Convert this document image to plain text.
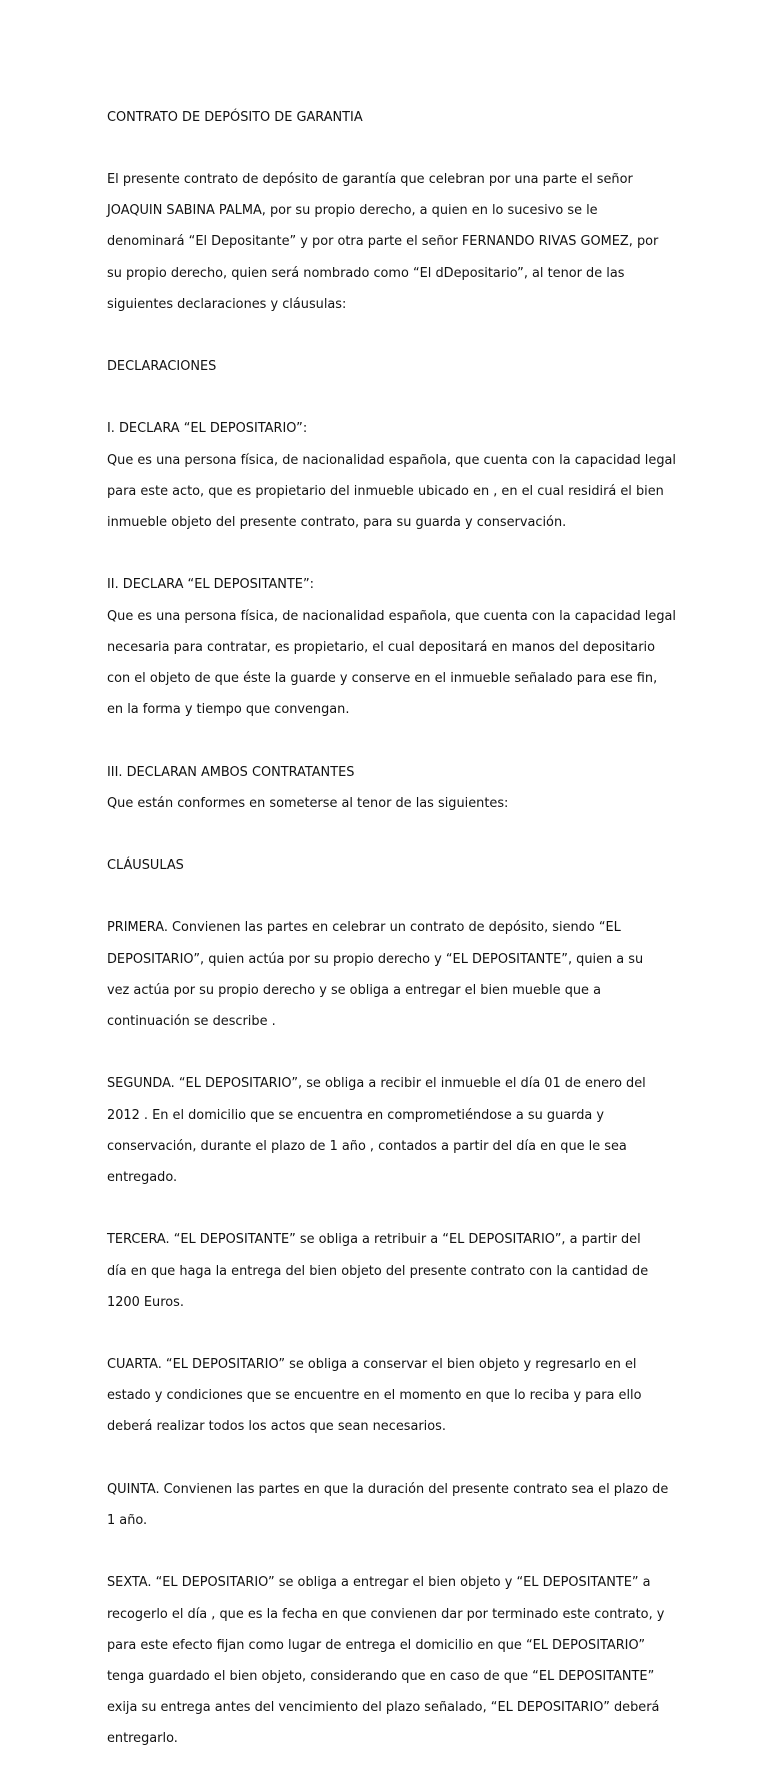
CONTRATO DE DEPÓSITO DE GARANTIA

El presente contrato de depósito de garantía que celebran por una parte el señor

JOAQUIN SABINA PALMA, por su propio derecho, a quien en lo sucesivo se le

denominará “El Depositante” y por otra parte el señor FERNANDO RIVAS GOMEZ, por

su propio derecho, quien será nombrado como “El dDepositario”, al tenor de las

siguientes declaraciones y cláusulas:

DECLARACIONES

I. DECLARA “EL DEPOSITARIO”:

Que es una persona física, de nacionalidad española, que cuenta con la capacidad legal

para este acto, que es propietario del inmueble ubicado en , en el cual residirá el bien

inmueble objeto del presente contrato, para su guarda y conservación.

II. DECLARA “EL DEPOSITANTE”:

Que es una persona física, de nacionalidad española, que cuenta con la capacidad legal

necesaria para contratar, es propietario, el cual depositará en manos del depositario

con el objeto de que éste la guarde y conserve en el inmueble señalado para ese fin,

en la forma y tiempo que convengan.

III. DECLARAN AMBOS CONTRATANTES

Que están conformes en someterse al tenor de las siguientes:

CLÁUSULAS

PRIMERA. Convienen las partes en celebrar un contrato de depósito, siendo “EL

DEPOSITARIO”, quien actúa por su propio derecho y “EL DEPOSITANTE”, quien a su

vez actúa por su propio derecho y se obliga a entregar el bien mueble que a

continuación se describe .

SEGUNDA. “EL DEPOSITARIO”, se obliga a recibir el inmueble el día 01 de enero del

2012 . En el domicilio que se encuentra en comprometiéndose a su guarda y

conservación, durante el plazo de 1 año , contados a partir del día en que le sea

entregado.

TERCERA. “EL DEPOSITANTE” se obliga a retribuir a “EL DEPOSITARIO”, a partir del

día en que haga la entrega del bien objeto del presente contrato con la cantidad de

1200 Euros.

CUARTA. “EL DEPOSITARIO” se obliga a conservar el bien objeto y regresarlo en el

estado y condiciones que se encuentre en el momento en que lo reciba y para ello

deberá realizar todos los actos que sean necesarios.

QUINTA. Convienen las partes en que la duración del presente contrato sea el plazo de

1 año.

SEXTA. “EL DEPOSITARIO” se obliga a entregar el bien objeto y “EL DEPOSITANTE” a

recogerlo el día , que es la fecha en que convienen dar por terminado este contrato, y

para este efecto fijan como lugar de entrega el domicilio en que “EL DEPOSITARIO”

tenga guardado el bien objeto, considerando que en caso de que “EL DEPOSITANTE”

exija su entrega antes del vencimiento del plazo señalado, “EL DEPOSITARIO” deberá

entregarlo.
